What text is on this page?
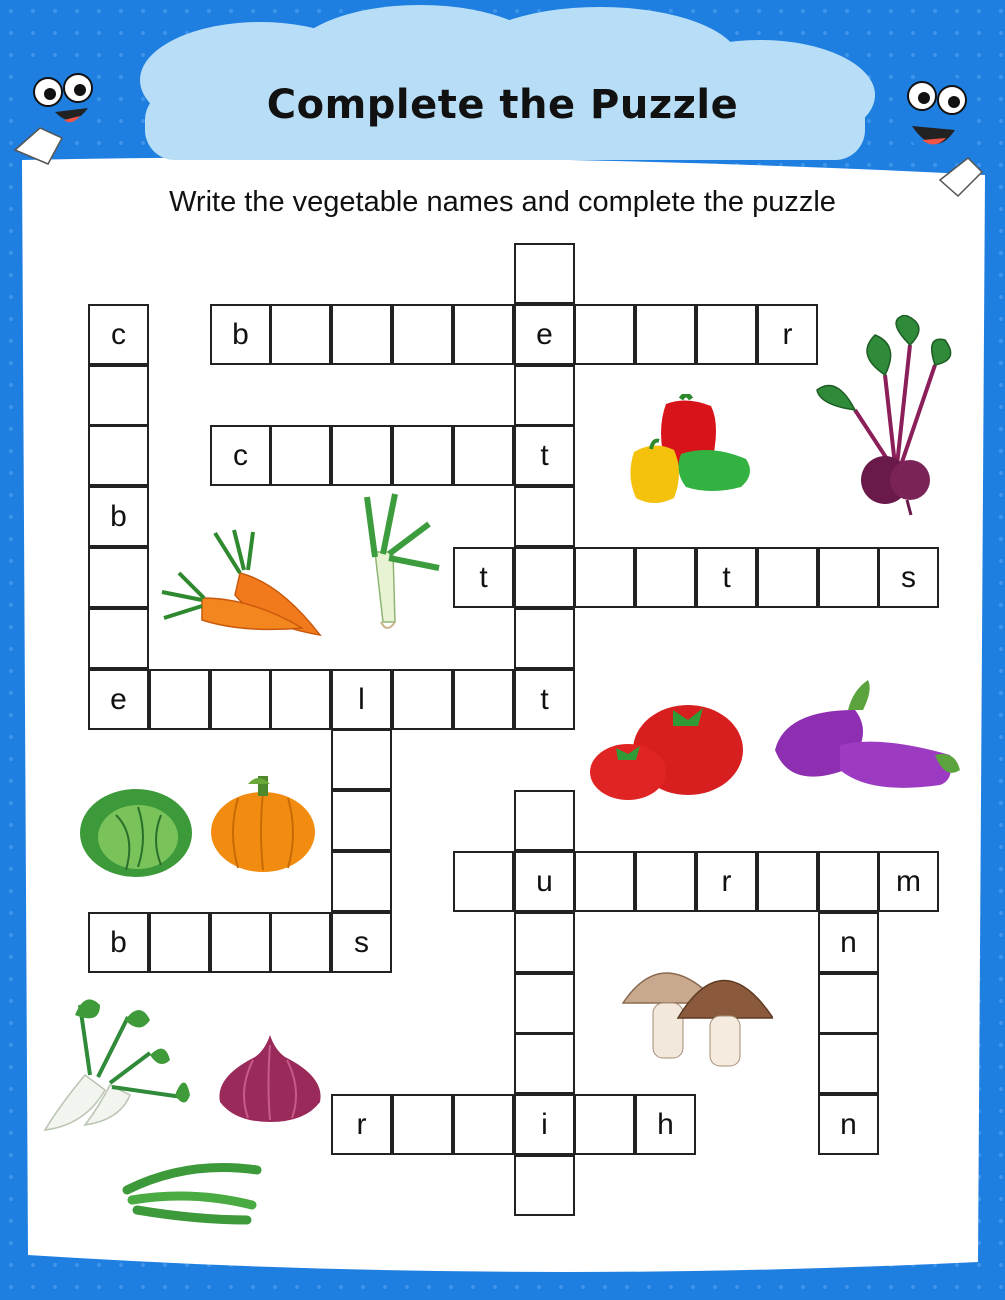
Complete the Puzzle
Write the vegetable names and complete the puzzle
b	e	r
c
b
e
c	t
t
t	t	s
l
s
b
u	r	m
n
n
r	i	h
